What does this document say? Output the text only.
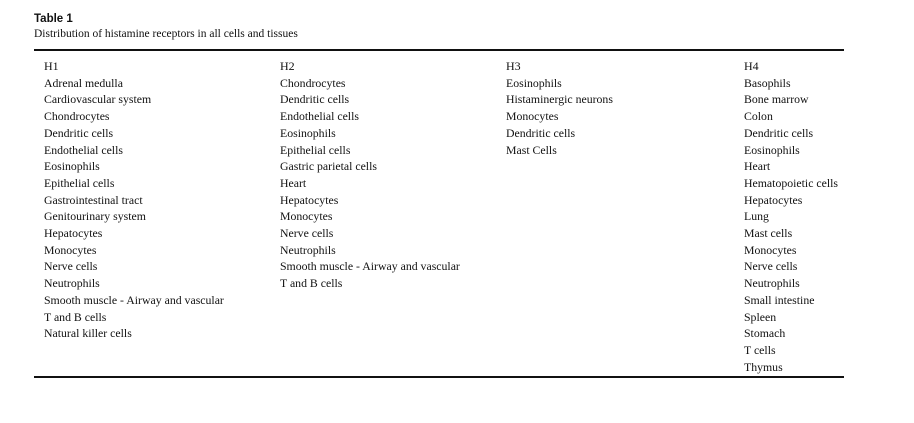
Table 1
Distribution of histamine receptors in all cells and tissues
H1
Adrenal medulla
Cardiovascular system
Chondrocytes
Dendritic cells
Endothelial cells
Eosinophils
Epithelial cells
Gastrointestinal tract
Genitourinary system
Hepatocytes
Monocytes
Nerve cells
Neutrophils
Smooth muscle - Airway and vascular
T and B cells
Natural killer cells
H2
Chondrocytes
Dendritic cells
Endothelial cells
Eosinophils
Epithelial cells
Gastric parietal cells
Heart
Hepatocytes
Monocytes
Nerve cells
Neutrophils
Smooth muscle - Airway and vascular
T and B cells
H3
Eosinophils
Histaminergic neurons
Monocytes
Dendritic cells
Mast Cells
H4
Basophils
Bone marrow
Colon
Dendritic cells
Eosinophils
Heart
Hematopoietic cells
Hepatocytes
Lung
Mast cells
Monocytes
Nerve cells
Neutrophils
Small intestine
Spleen
Stomach
T cells
Thymus
